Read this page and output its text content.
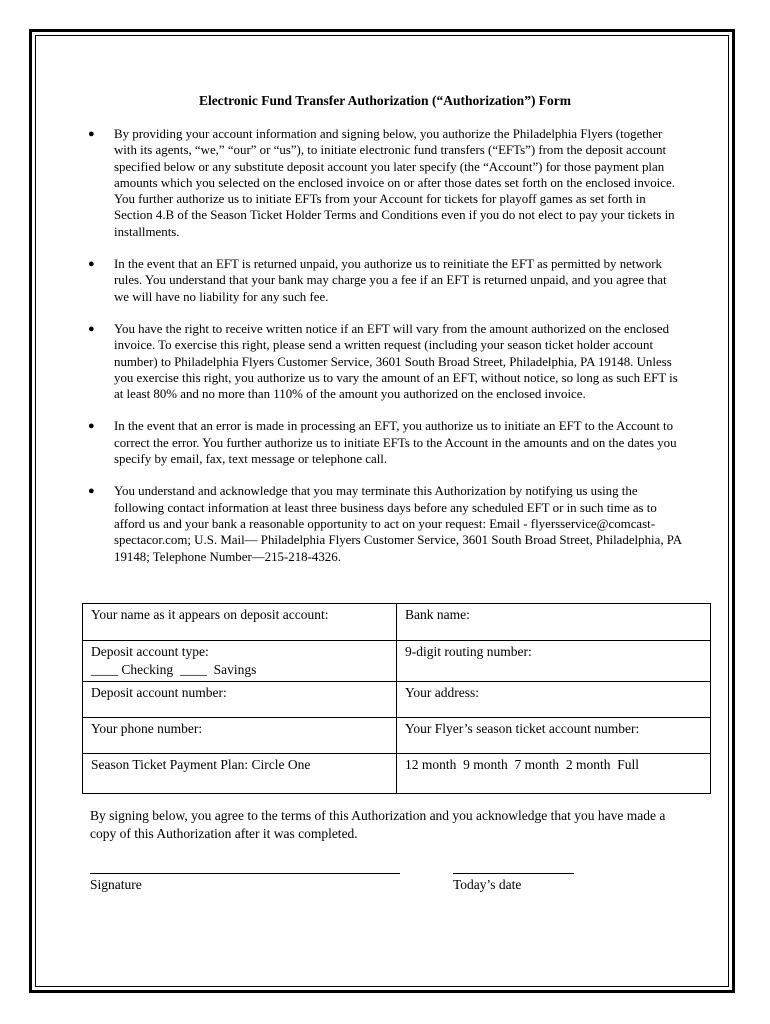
Electronic Fund Transfer Authorization (“Authorization”) Form
● By providing your account information and signing below, you authorize the Philadelphia Flyers (together with its agents, “we,” “our” or “us”), to initiate electronic fund transfers (“EFTs”) from the deposit account specified below or any substitute deposit account you later specify (the “Account”) for those payment plan amounts which you selected on the enclosed invoice on or after those dates set forth on the enclosed invoice. You further authorize us to initiate EFTs from your Account for tickets for playoff games as set forth in Section 4.B of the Season Ticket Holder Terms and Conditions even if you do not elect to pay your tickets in installments.
● In the event that an EFT is returned unpaid, you authorize us to reinitiate the EFT as permitted by network rules. You understand that your bank may charge you a fee if an EFT is returned unpaid, and you agree that we will have no liability for any such fee.
● You have the right to receive written notice if an EFT will vary from the amount authorized on the enclosed invoice. To exercise this right, please send a written request (including your season ticket holder account number) to Philadelphia Flyers Customer Service, 3601 South Broad Street, Philadelphia, PA 19148. Unless you exercise this right, you authorize us to vary the amount of an EFT, without notice, so long as such EFT is at least 80% and no more than 110% of the amount you authorized on the enclosed invoice.
● In the event that an error is made in processing an EFT, you authorize us to initiate an EFT to the Account to correct the error. You further authorize us to initiate EFTs to the Account in the amounts and on the dates you specify by email, fax, text message or telephone call.
● You understand and acknowledge that you may terminate this Authorization by notifying us using the following contact information at least three business days before any scheduled EFT or in such time as to afford us and your bank a reasonable opportunity to act on your request: Email - flyersservice@comcast-spectacor.com; U.S. Mail— Philadelphia Flyers Customer Service, 3601 South Broad Street, Philadelphia, PA 19148; Telephone Number—215-218-4326.
Your name as it appears on deposit account:	Bank name:

Deposit account type:
____ Checking  ____  Savings	9-digit routing number:
Deposit account number:	Your address:
Your phone number:	Your Flyer’s season ticket account number:
Season Ticket Payment Plan: Circle One	12 month  9 month  7 month  2 month  Full
By signing below, you agree to the terms of this Authorization and you acknowledge that you have made a copy of this Authorization after it was completed.
Signature	Today’s date
